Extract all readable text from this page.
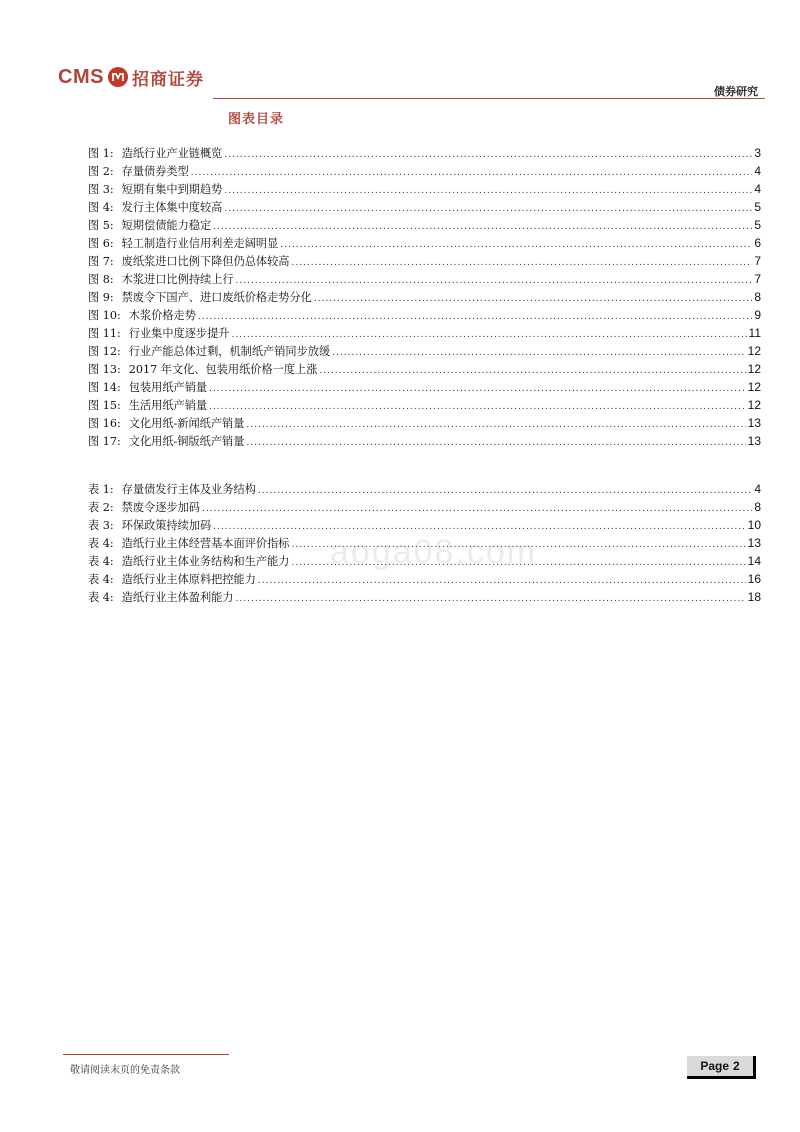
CMS 招商证券
债券研究
图表目录
图 1: 造纸行业产业链概览 .....	3
图 2: 存量债券类型 .....	4
图 3: 短期有集中到期趋势 .....	4
图 4: 发行主体集中度较高 .....	5
图 5: 短期偿债能力稳定 .....	5
图 6: 轻工制造行业信用利差走阔明显 .....	6
图 7: 废纸浆进口比例下降但仍总体较高 .....	7
图 8: 木浆进口比例持续上行 .....	7
图 9: 禁废令下国产、进口废纸价格走势分化 .....	8
图 10: 木浆价格走势 .....	9
图 11: 行业集中度逐步提升 .....	11
图 12: 行业产能总体过剩，机制纸产销同步放缓 .....	12
图 13: 2017 年文化、包装用纸价格一度上涨 .....	12
图 14: 包装用纸产销量 .....	12
图 15: 生活用纸产销量 .....	12
图 16: 文化用纸-新闻纸产销量 .....	13
图 17: 文化用纸-铜版纸产销量 .....	13
表 1: 存量债发行主体及业务结构 .....	4
表 2: 禁废令逐步加码 .....	8
表 3: 环保政策持续加码 .....	10
表 4: 造纸行业主体经营基本面评价指标 .....	13
表 4: 造纸行业主体业务结构和生产能力 .....	14
表 4: 造纸行业主体原料把控能力 .....	16
表 4: 造纸行业主体盈利能力 .....	18
aoga08.com
敬请阅读末页的免责条款	Page 2
